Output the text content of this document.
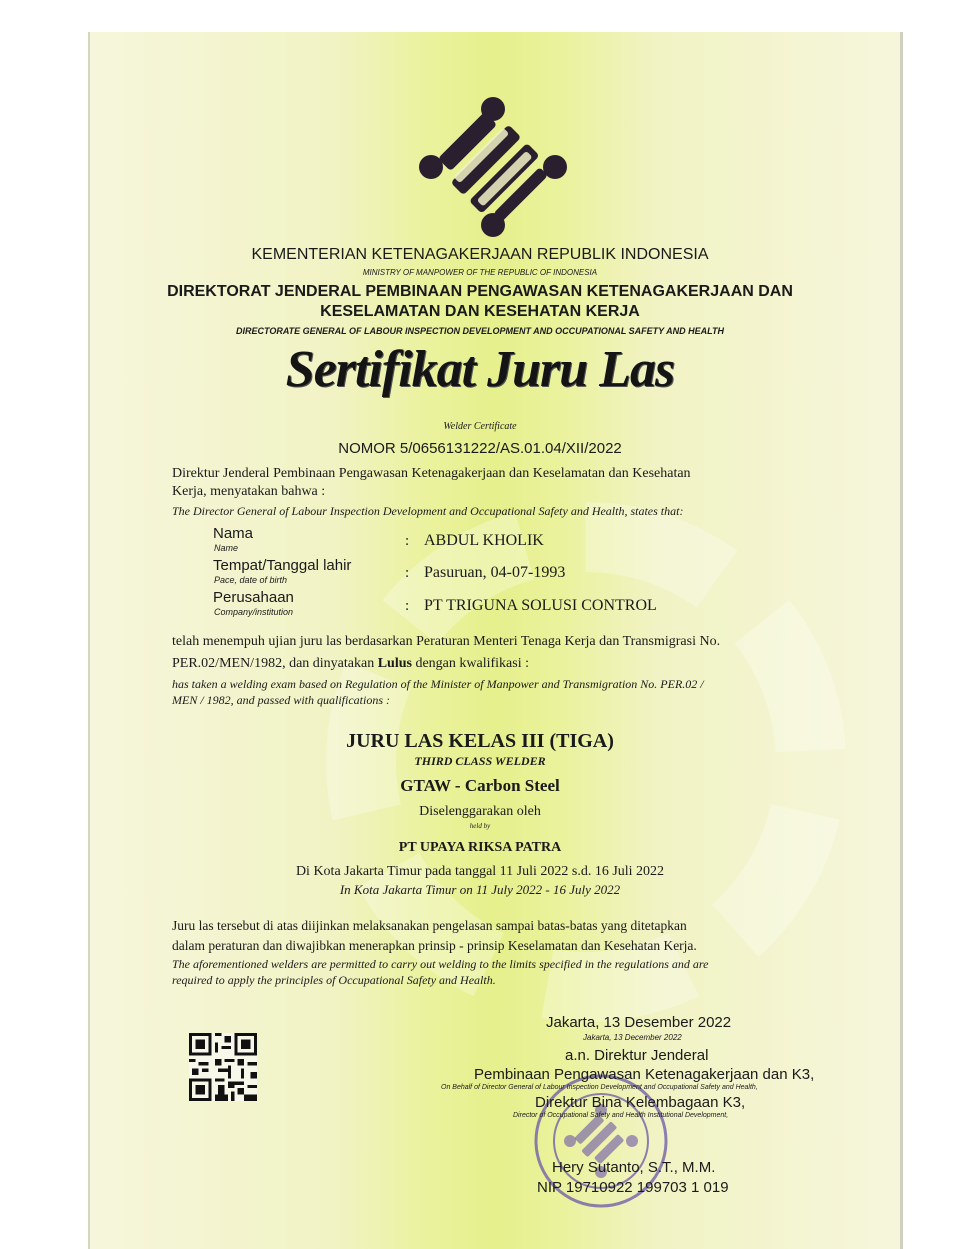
KEMENTERIAN KETENAGAKERJAAN REPUBLIK INDONESIA
MINISTRY OF MANPOWER OF THE REPUBLIC OF INDONESIA
DIREKTORAT JENDERAL PEMBINAAN PENGAWASAN KETENAGAKERJAAN DAN
KESELAMATAN DAN KESEHATAN KERJA
DIRECTORATE GENERAL OF LABOUR INSPECTION DEVELOPMENT AND OCCUPATIONAL SAFETY AND HEALTH
Sertifikat Juru Las
Welder Certificate
NOMOR 5/0656131222/AS.01.04/XII/2022
Direktur Jenderal Pembinaan Pengawasan Ketenagakerjaan dan Keselamatan dan Kesehatan
Kerja, menyatakan bahwa :
The Director General of Labour Inspection Development and Occupational Safety and Health, states that:
Nama
Name	: ABDUL KHOLIK
Tempat/Tanggal lahir
Pace, date of birth	: Pasuruan, 04-07-1993
Perusahaan
Company/institution	: PT TRIGUNA SOLUSI CONTROL
telah menempuh ujian juru las berdasarkan Peraturan Menteri Tenaga Kerja dan Transmigrasi No.
PER.02/MEN/1982, dan dinyatakan Lulus dengan kwalifikasi :
has taken a welding exam based on Regulation of the Minister of Manpower and Transmigration No. PER.02 /
MEN / 1982, and passed with qualifications :
JURU LAS KELAS III (TIGA)
THIRD CLASS WELDER
GTAW - Carbon Steel
Diselenggarakan oleh
held by
PT UPAYA RIKSA PATRA
Di Kota Jakarta Timur pada tanggal 11 Juli 2022 s.d. 16 Juli 2022
In Kota Jakarta Timur on 11 July 2022 - 16 July 2022
Juru las tersebut di atas diijinkan melaksanakan pengelasan sampai batas-batas yang ditetapkan
dalam peraturan dan diwajibkan menerapkan prinsip - prinsip Keselamatan dan Kesehatan Kerja.
The aforementioned welders are permitted to carry out welding to the limits specified in the regulations and are
required to apply the principles of Occupational Safety and Health.
Jakarta, 13 Desember 2022
Jakarta, 13 December 2022
a.n. Direktur Jenderal
Pembinaan Pengawasan Ketenagakerjaan dan K3,
On Behalf of Director General of Labour Inspection Development and Occupational Safety and Health,
Direktur Bina Kelembagaan K3,
Director of Occupational Safety and Health Institutional Development,
Hery Sutanto, S.T., M.M.
NIP 19710922 199703 1 019
